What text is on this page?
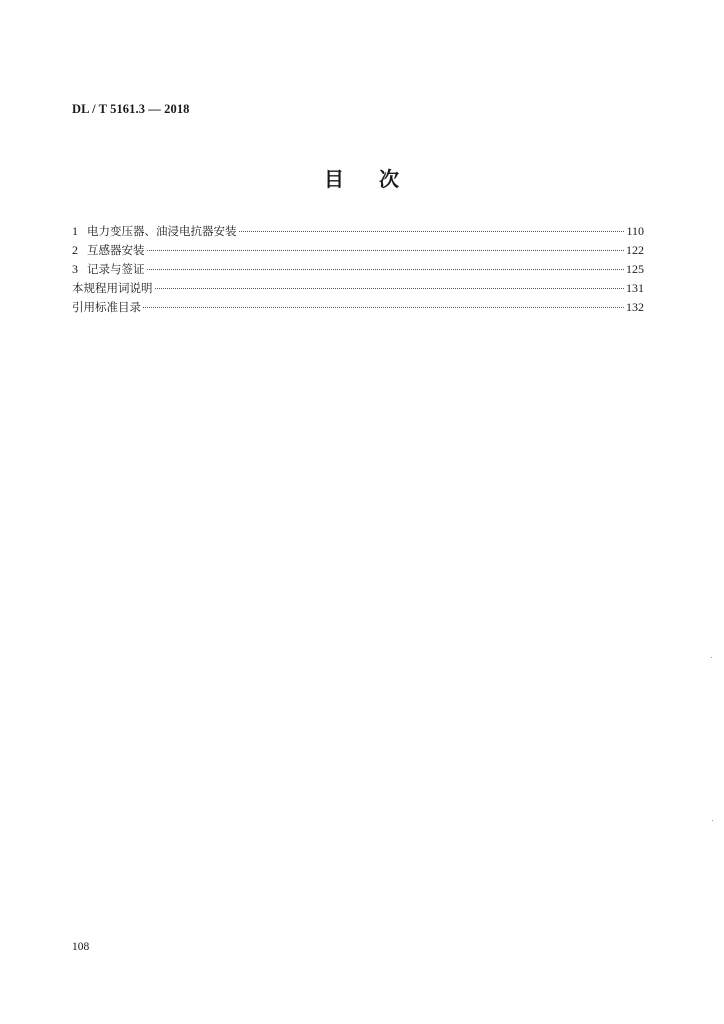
DL / T 5161.3 — 2018
目 次
1 电力变压器、油浸电抗器安装	110
2 互感器安装	122
3 记录与签证	125
本规程用词说明	131
引用标准目录	132
108
